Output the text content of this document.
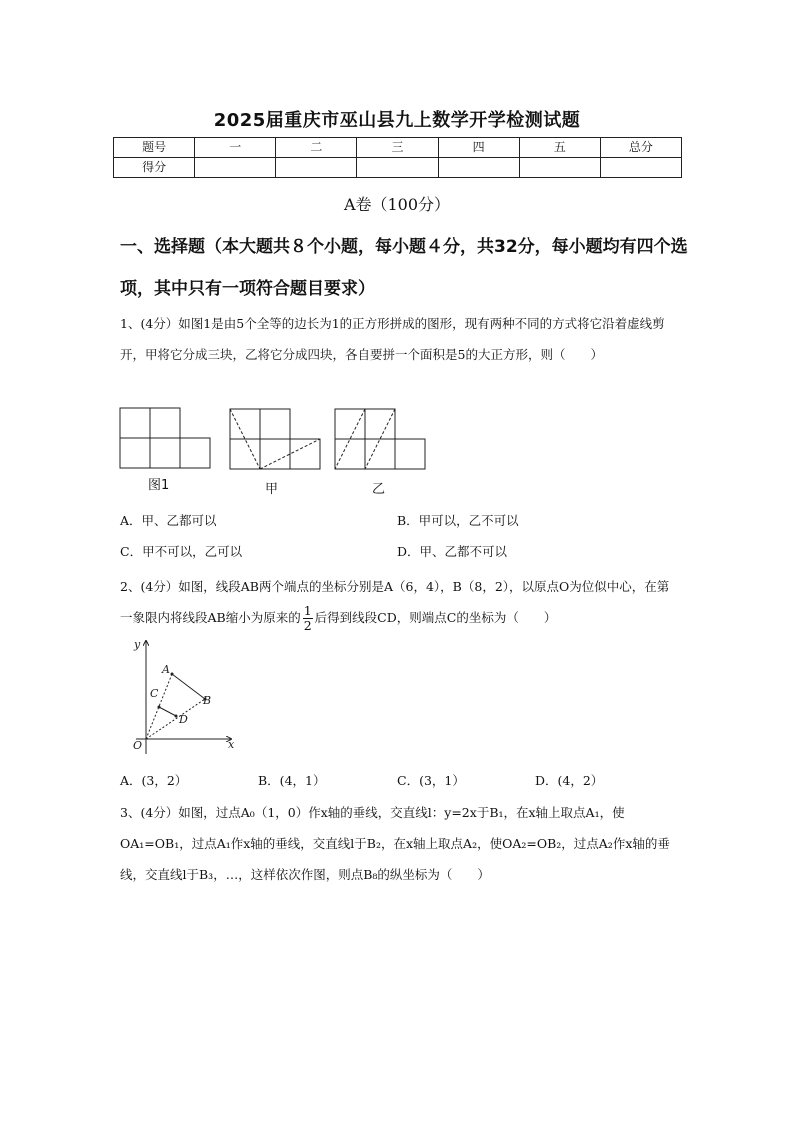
2025届重庆市巫山县九上数学开学检测试题
题号	一	二	三	四	五	总分
得分						
A卷（100分）
一、选择题（本大题共８个小题，每小题４分，共32分，每小题均有四个选项，其中只有一项符合题目要求）
1、(4分）如图1是由5个全等的边长为1的正方形拼成的图形，现有两种不同的方式将它沿着虚线剪开，甲将它分成三块，乙将它分成四块，各自要拼一个面积是5的大正方形，则（　　）
图1	甲	乙
A．甲、乙都可以	B．甲可以，乙不可以
C．甲不可以，乙可以	D．甲、乙都不可以
2、(4分）如图，线段AB两个端点的坐标分别是A（6，4），B（8，2），以原点O为位似中心，在第一象限内将线段AB缩小为原来的 $\frac{1}{2}$ 后得到线段CD，则端点C的坐标为（　　）
y
x
O
A
B
C
D
A．(3，2）	B．(4，1）	C．(3，1）	D．(4，2）
3、(4分）如图，过点A₀（1，0）作x轴的垂线，交直线l：y=2x于B₁，在x轴上取点A₁，使OA₁=OB₁，过点A₁作x轴的垂线，交直线l于B₂，在x轴上取点A₂，使OA₂=OB₂，过点A₂作x轴的垂线，交直线l于B₃，…，这样依次作图，则点B₈的纵坐标为（　　）
